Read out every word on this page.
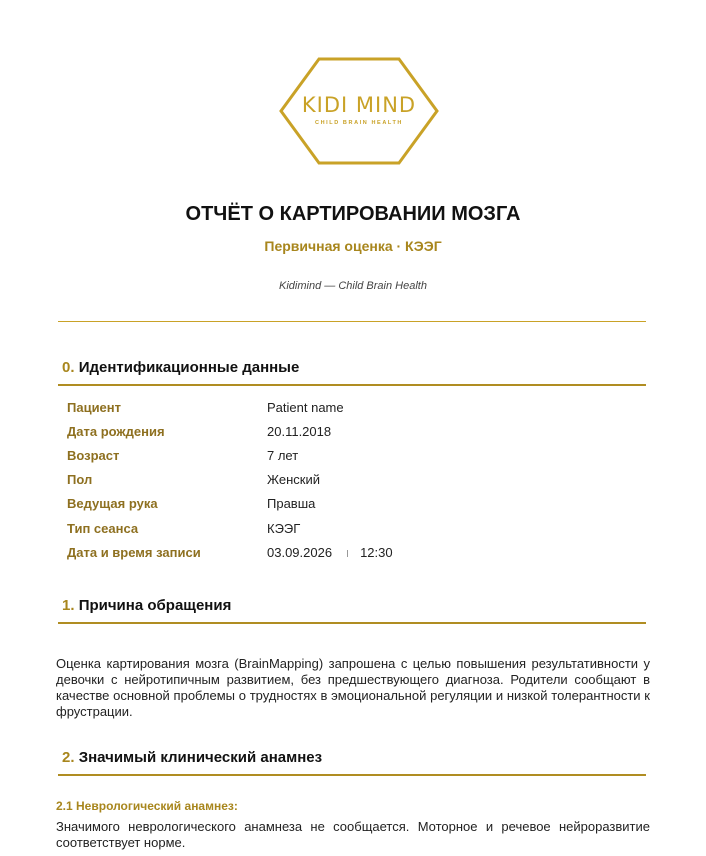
KIDI MIND
CHILD BRAIN HEALTH
ОТЧЁТ О КАРТИРОВАНИИ МОЗГА
Первичная оценка · КЭЭГ
Kidimind — Child Brain Health
0. Идентификационные данные
Пациент	Patient name
Дата рождения	20.11.2018
Возраст	7 лет
Пол	Женский
Ведущая рука	Правша
Тип сеанса	КЭЭГ
Дата и время записи	03.09.2026 12:30
1. Причина обращения
Оценка картирования мозга (BrainMapping) запрошена с целью повышения результативности у девочки с нейротипичным развитием, без предшествующего диагноза. Родители сообщают в качестве основной проблемы о трудностях в эмоциональной регуляции и низкой толерантности к фрустрации.
2. Значимый клинический анамнез
2.1 Неврологический анамнез:
Значимого неврологического анамнеза не сообщается. Моторное и речевое нейроразвитие соответствует норме.
